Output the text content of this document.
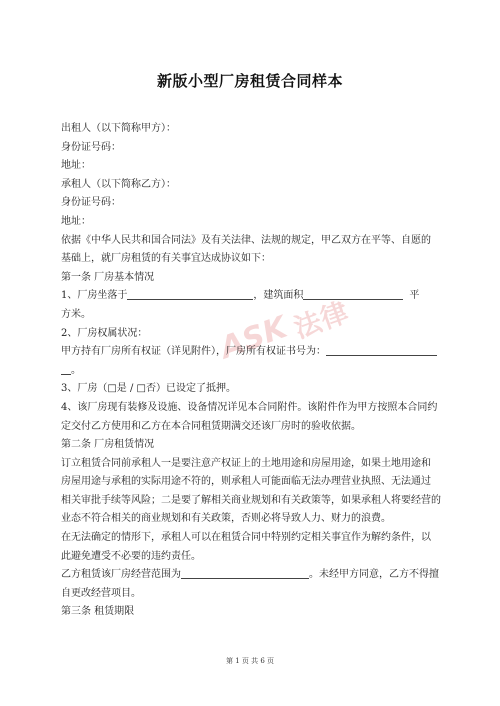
新版小型厂房租赁合同样本
ASK
法律
出租人（以下简称甲方）：
身份证号码：
地址：
承租人（以下简称乙方）：
身份证号码：
地址：
依据《中华人民共和国合同法》及有关法律、法规的规定，甲乙双方在平等、自愿的
基础上，就厂房租赁的有关事宜达成协议如下：
第一条 厂房基本情况
1、厂房坐落于	，建筑面积	平
方米。
2、厂房权属状况：
甲方持有厂房所有权证（详见附件），厂房所有权证书号为：
。
3、厂房（□是 / □否）已设定了抵押。
4、该厂房现有装修及设施、设备情况详见本合同附件。该附件作为甲方按照本合同约
定交付乙方使用和乙方在本合同租赁期满交还该厂房时的验收依据。
第二条 厂房租赁情况
订立租赁合同前承租人一是要注意产权证上的土地用途和房屋用途，如果土地用途和
房屋用途与承租的实际用途不符的，则承租人可能面临无法办理营业执照、无法通过
相关审批手续等风险；二是要了解相关商业规划和有关政策等，如果承租人将要经营的
业态不符合相关的商业规划和有关政策，否则必将导致人力、财力的浪费。
在无法确定的情形下，承租人可以在租赁合同中特别约定相关事宜作为解约条件，以
此避免遭受不必要的违约责任。
乙方租赁该厂房经营范围为	。未经甲方同意，乙方不得擅
自更改经营项目。
第三条 租赁期限
第 1 页 共 6 页
